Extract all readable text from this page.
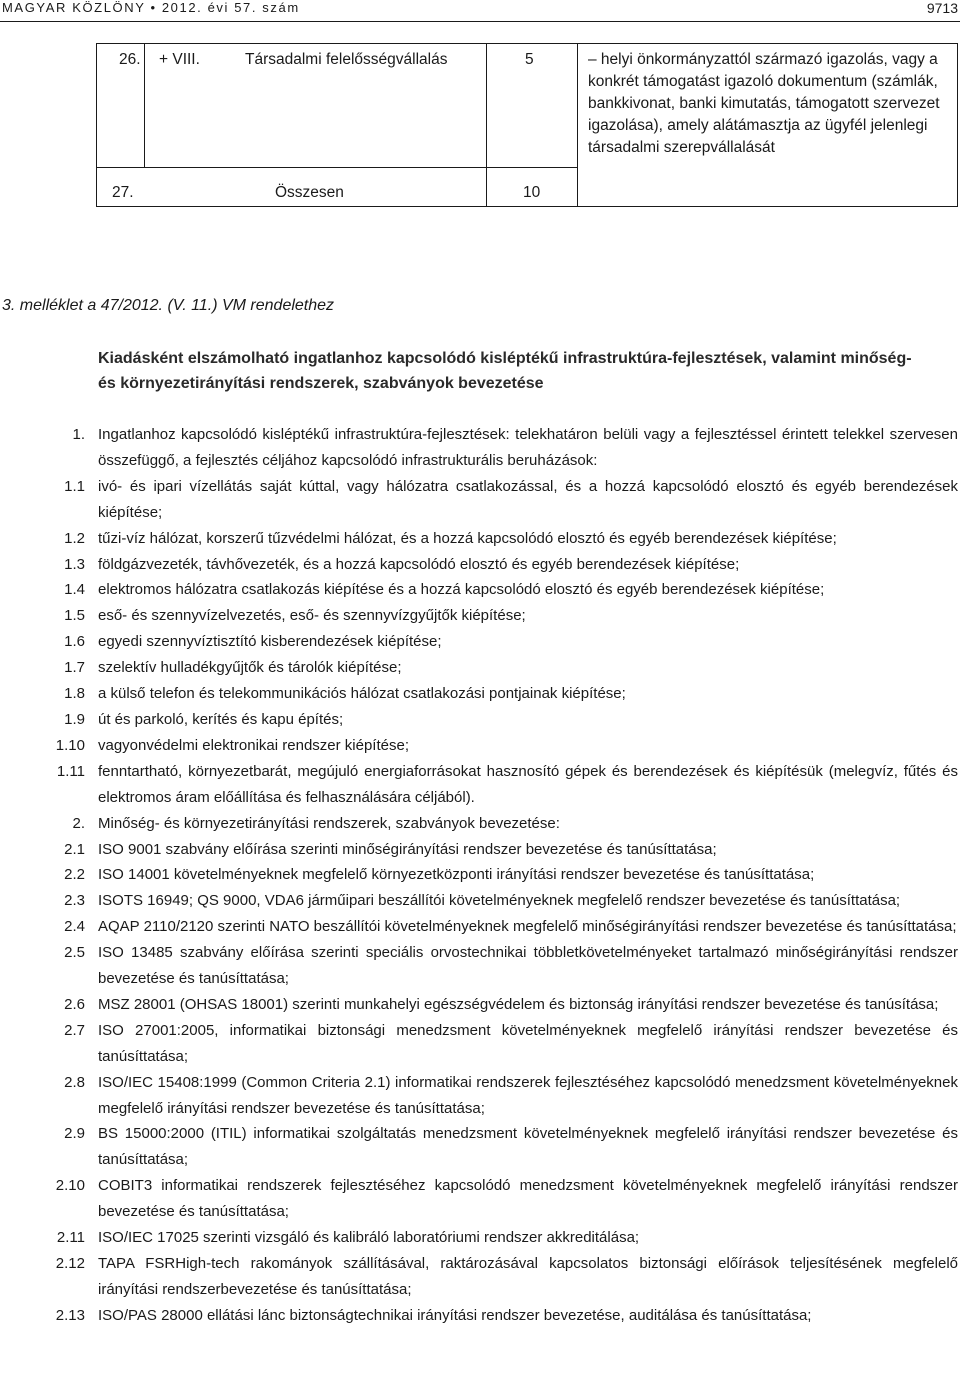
MAGYAR KÖZLÖNY • 2012. évi 57. szám	9713
26. + VIII.	Társadalmi felelősségvállalás	5	– helyi önkormányzattól származó igazolás, vagy a konkrét támogatást igazoló dokumentum (számlák, bankkivonat, banki kimutatás, támogatott szervezet igazolása), amely alátámasztja az ügyfél jelenlegi társadalmi szerepvállalását
27.	Összesen	10
3. melléklet a 47/2012. (V. 11.) VM rendelethez
Kiadásként elszámolható ingatlanhoz kapcsolódó kisléptékű infrastruktúra-fejlesztések, valamint minőség- és környezetirányítási rendszerek, szabványok bevezetése
1. Ingatlanhoz kapcsolódó kisléptékű infrastruktúra-fejlesztések: telekhatáron belüli vagy a fejlesztéssel érintett telekkel szervesen összefüggő, a fejlesztés céljához kapcsolódó infrastrukturális beruházások:
1.1 ivó- és ipari vízellátás saját kúttal, vagy hálózatra csatlakozással, és a hozzá kapcsolódó elosztó és egyéb berendezések kiépítése;
1.2 tűzi-víz hálózat, korszerű tűzvédelmi hálózat, és a hozzá kapcsolódó elosztó és egyéb berendezések kiépítése;
1.3 földgázvezeték, távhővezeték, és a hozzá kapcsolódó elosztó és egyéb berendezések kiépítése;
1.4 elektromos hálózatra csatlakozás kiépítése és a hozzá kapcsolódó elosztó és egyéb berendezések kiépítése;
1.5 eső- és szennyvízelvezetés, eső- és szennyvízgyűjtők kiépítése;
1.6 egyedi szennyvíztisztító kisberendezések kiépítése;
1.7 szelektív hulladékgyűjtők és tárolók kiépítése;
1.8 a külső telefon és telekommunikációs hálózat csatlakozási pontjainak kiépítése;
1.9 út és parkoló, kerítés és kapu építés;
1.10 vagyonvédelmi elektronikai rendszer kiépítése;
1.11 fenntartható, környezetbarát, megújuló energiaforrásokat hasznosító gépek és berendezések és kiépítésük (melegvíz, fűtés és elektromos áram előállítása és felhasználására céljából).
2. Minőség- és környezetirányítási rendszerek, szabványok bevezetése:
2.1 ISO 9001 szabvány előírása szerinti minőségirányítási rendszer bevezetése és tanúsíttatása;
2.2 ISO 14001 követelményeknek megfelelő környezetközponti irányítási rendszer bevezetése és tanúsíttatása;
2.3 ISOTS 16949; QS 9000, VDA6 járműipari beszállítói követelményeknek megfelelő rendszer bevezetése és tanúsíttatása;
2.4 AQAP 2110/2120 szerinti NATO beszállítói követelményeknek megfelelő minőségirányítási rendszer bevezetése és tanúsíttatása;
2.5 ISO 13485 szabvány előírása szerinti speciális orvostechnikai többletkövetelményeket tartalmazó minőségirányítási rendszer bevezetése és tanúsíttatása;
2.6 MSZ 28001 (OHSAS 18001) szerinti munkahelyi egészségvédelem és biztonság irányítási rendszer bevezetése és tanúsítása;
2.7 ISO 27001:2005, informatikai biztonsági menedzsment követelményeknek megfelelő irányítási rendszer bevezetése és tanúsíttatása;
2.8 ISO/IEC 15408:1999 (Common Criteria 2.1) informatikai rendszerek fejlesztéséhez kapcsolódó menedzsment követelményeknek megfelelő irányítási rendszer bevezetése és tanúsíttatása;
2.9 BS 15000:2000 (ITIL) informatikai szolgáltatás menedzsment követelményeknek megfelelő irányítási rendszer bevezetése és tanúsíttatása;
2.10 COBIT3 informatikai rendszerek fejlesztéséhez kapcsolódó menedzsment követelményeknek megfelelő irányítási rendszer bevezetése és tanúsíttatása;
2.11 ISO/IEC 17025 szerinti vizsgáló és kalibráló laboratóriumi rendszer akkreditálása;
2.12 TAPA FSRHigh-tech rakományok szállításával, raktározásával kapcsolatos biztonsági előírások teljesítésének megfelelő irányítási rendszerbevezetése és tanúsíttatása;
2.13 ISO/PAS 28000 ellátási lánc biztonságtechnikai irányítási rendszer bevezetése, auditálása és tanúsíttatása;
